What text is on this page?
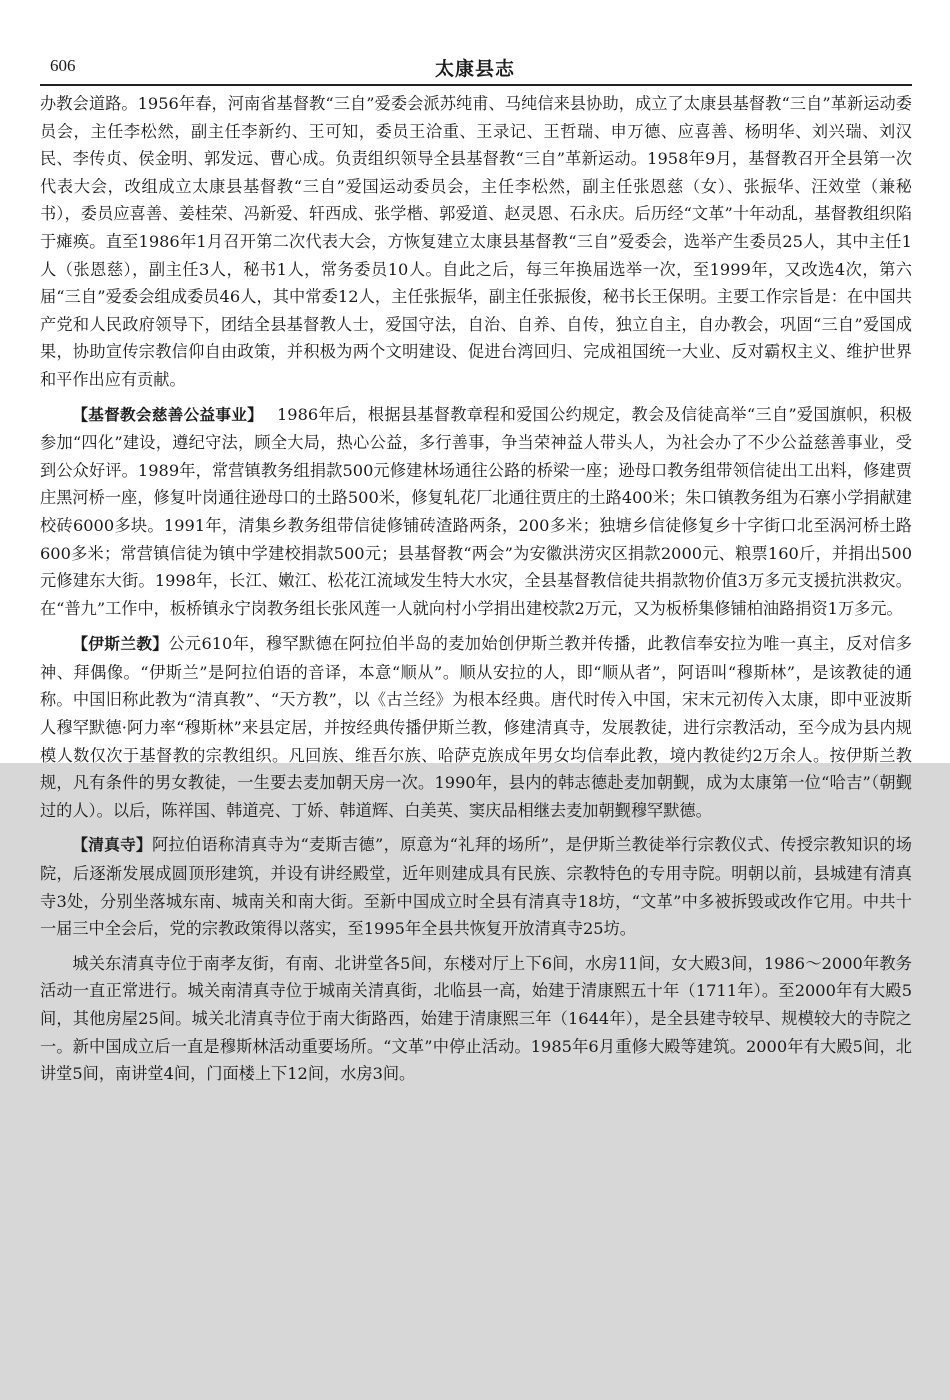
606	太康县志

办教会道路。1956年春，河南省基督教“三自”爱委会派苏纯甫、马纯信来县协助，成立了太康县基督教“三自”革新运动委员会，主任李松然，副主任李新约、王可知，委员王洽重、王录记、王哲瑞、申万德、应喜善、杨明华、刘兴瑞、刘汉民、李传贞、侯金明、郭发远、曹心成。负责组织领导全县基督教“三自”革新运动。1958年9月，基督教召开全县第一次代表大会，改组成立太康县基督教“三自”爱国运动委员会，主任李松然，副主任张恩慈（女）、张振华、汪效堂（兼秘书），委员应喜善、姜桂荣、冯新爱、轩西成、张学楷、郭爱道、赵灵恩、石永庆。后历经“文革”十年动乱，基督教组织陷于瘫痪。直至1986年1月召开第二次代表大会，方恢复建立太康县基督教“三自”爱委会，选举产生委员25人，其中主任1人（张恩慈），副主任3人，秘书1人，常务委员10人。自此之后，每三年换届选举一次，至1999年，又改选4次，第六届“三自”爱委会组成委员46人，其中常委12人，主任张振华，副主任张振俊，秘书长王保明。主要工作宗旨是：在中国共产党和人民政府领导下，团结全县基督教人士，爱国守法，自治、自养、自传，独立自主，自办教会，巩固“三自”爱国成果，协助宣传宗教信仰自由政策，并积极为两个文明建设、促进台湾回归、完成祖国统一大业、反对霸权主义、维护世界和平作出应有贡献。

【基督教会慈善公益事业】 1986年后，根据县基督教章程和爱国公约规定，教会及信徒高举“三自”爱国旗帜，积极参加“四化”建设，遵纪守法，顾全大局，热心公益，多行善事，争当荣神益人带头人，为社会办了不少公益慈善事业，受到公众好评。1989年，常营镇教务组捐款500元修建林场通往公路的桥梁一座；逊母口教务组带领信徒出工出料，修建贾庄黑河桥一座，修复叶岗通往逊母口的土路500米，修复轧花厂北通往贾庄的土路400米；朱口镇教务组为石寨小学捐献建校砖6000多块。1991年，清集乡教务组带信徒修铺砖渣路两条，200多米；独塘乡信徒修复乡十字街口北至涡河桥土路600多米；常营镇信徒为镇中学建校捐款500元；县基督教“两会”为安徽洪涝灾区捐款2000元、粮票160斤，并捐出500元修建东大街。1998年，长江、嫩江、松花江流域发生特大水灾，全县基督教信徒共捐款物价值3万多元支援抗洪救灾。在“普九”工作中，板桥镇永宁岗教务组长张风莲一人就向村小学捐出建校款2万元，又为板桥集修铺柏油路捐资1万多元。

【伊斯兰教】公元610年，穆罕默德在阿拉伯半岛的麦加始创伊斯兰教并传播，此教信奉安拉为唯一真主，反对信多神、拜偶像。“伊斯兰”是阿拉伯语的音译，本意“顺从”。顺从安拉的人，即“顺从者”，阿语叫“穆斯林”，是该教徒的通称。中国旧称此教为“清真教”、“天方教”，以《古兰经》为根本经典。唐代时传入中国，宋末元初传入太康，即中亚波斯人穆罕默德·阿力率“穆斯林”来县定居，并按经典传播伊斯兰教，修建清真寺，发展教徒，进行宗教活动，至今成为县内规模人数仅次于基督教的宗教组织。凡回族、维吾尔族、哈萨克族成年男女均信奉此教，境内教徒约2万余人。按伊斯兰教规，凡有条件的男女教徒，一生要去麦加朝天房一次。1990年，县内的韩志德赴麦加朝觐，成为太康第一位“哈吉”（朝觐过的人）。以后，陈祥国、韩道亮、丁娇、韩道辉、白美英、窦庆品相继去麦加朝觐穆罕默德。

【清真寺】阿拉伯语称清真寺为“麦斯吉德”，原意为“礼拜的场所”，是伊斯兰教徒举行宗教仪式、传授宗教知识的场院，后逐渐发展成圆顶形建筑，并设有讲经殿堂，近年则建成具有民族、宗教特色的专用寺院。明朝以前，县城建有清真寺3处，分别坐落城东南、城南关和南大街。至新中国成立时全县有清真寺18坊，“文革”中多被拆毁或改作它用。中共十一届三中全会后，党的宗教政策得以落实，至1995年全县共恢复开放清真寺25坊。

城关东清真寺位于南孝友街，有南、北讲堂各5间，东楼对厅上下6间，水房11间，女大殿3间，1986～2000年教务活动一直正常进行。城关南清真寺位于城南关清真街，北临县一高，始建于清康熙五十年（1711年）。至2000年有大殿5间，其他房屋25间。城关北清真寺位于南大街路西，始建于清康熙三年（1644年），是全县建寺较早、规模较大的寺院之一。新中国成立后一直是穆斯林活动重要场所。“文革”中停止活动。1985年6月重修大殿等建筑。2000年有大殿5间，北讲堂5间，南讲堂4间，门面楼上下12间，水房3间。
